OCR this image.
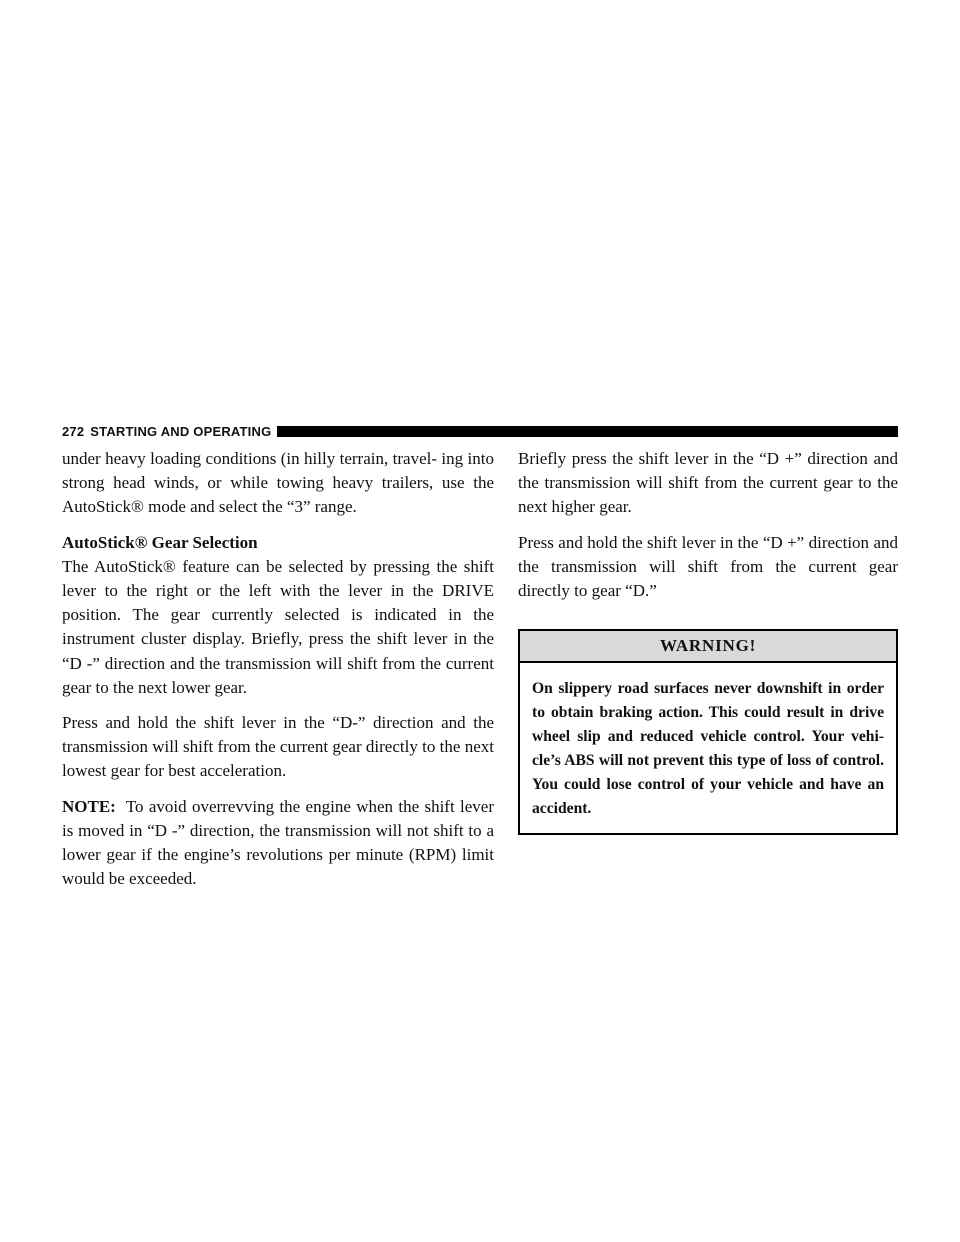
272 STARTING AND OPERATING

under heavy loading conditions (in hilly terrain, travel- ing into strong head winds, or while towing heavy trailers, use the AutoStick® mode and select the “3” range.

AutoStick® Gear Selection

The AutoStick® feature can be selected by pressing the shift lever to the right or the left with the lever in the DRIVE position. The gear currently selected is indicated in the instrument cluster display. Briefly, press the shift lever in the “D -” direction and the transmission will shift from the current gear to the next lower gear.

Press and hold the shift lever in the “D-” direction and the transmission will shift from the current gear directly to the next lowest gear for best acceleration.

NOTE: To avoid overrevving the engine when the shift lever is moved in “D -” direction, the transmission will not shift to a lower gear if the engine’s revolutions per minute (RPM) limit would be exceeded.

Briefly press the shift lever in the “D +” direction and the transmission will shift from the current gear to the next higher gear.

Press and hold the shift lever in the “D +” direction and the transmission will shift from the current gear directly to gear “D.”

WARNING!
On slippery road surfaces never downshift in order to obtain braking action. This could result in drive wheel slip and reduced vehicle control. Your vehi- cle’s ABS will not prevent this type of loss of control. You could lose control of your vehicle and have an accident.
